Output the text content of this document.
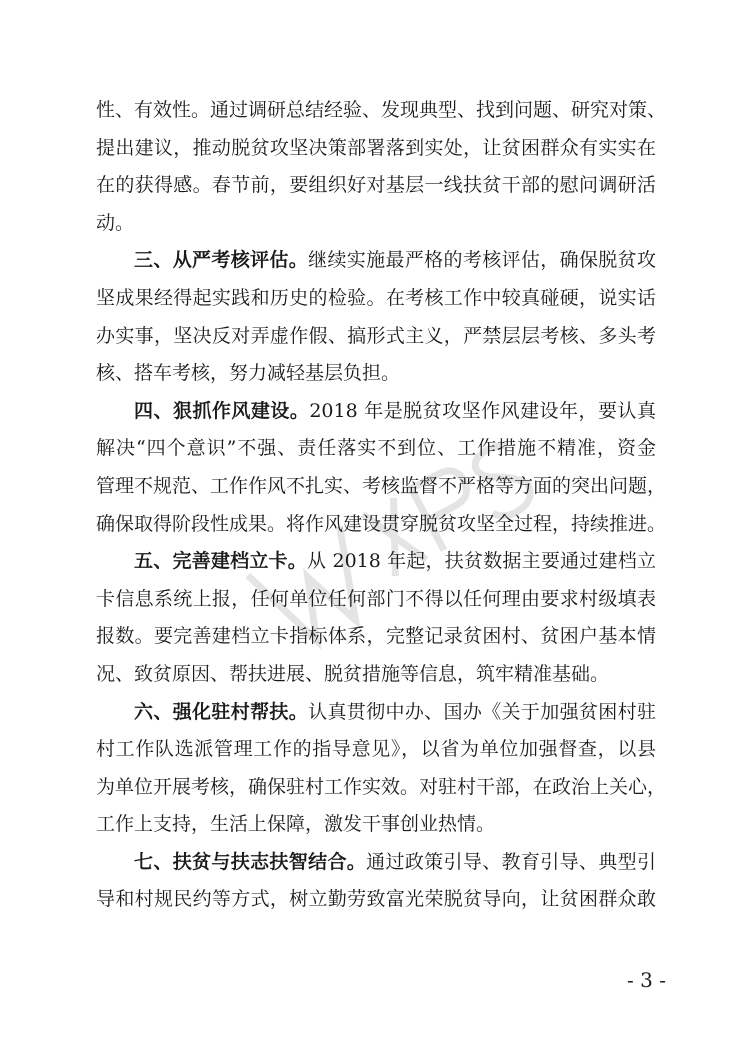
性、有效性。通过调研总结经验、发现典型、找到问题、研究对策、
提出建议，推动脱贫攻坚决策部署落到实处，让贫困群众有实实在
在的获得感。春节前，要组织好对基层一线扶贫干部的慰问调研活
动。
三、从严考核评估。继续实施最严格的考核评估，确保脱贫攻
坚成果经得起实践和历史的检验。在考核工作中较真碰硬，说实话
办实事，坚决反对弄虚作假、搞形式主义，严禁层层考核、多头考
核、搭车考核，努力减轻基层负担。
四、狠抓作风建设。2018 年是脱贫攻坚作风建设年，要认真
解决“四个意识”不强、责任落实不到位、工作措施不精准，资金
管理不规范、工作作风不扎实、考核监督不严格等方面的突出问题，
确保取得阶段性成果。将作风建设贯穿脱贫攻坚全过程，持续推进。
五、完善建档立卡。从 2018 年起，扶贫数据主要通过建档立
卡信息系统上报，任何单位任何部门不得以任何理由要求村级填表
报数。要完善建档立卡指标体系，完整记录贫困村、贫困户基本情
况、致贫原因、帮扶进展、脱贫措施等信息，筑牢精准基础。
六、强化驻村帮扶。认真贯彻中办、国办《关于加强贫困村驻
村工作队选派管理工作的指导意见》，以省为单位加强督查，以县
为单位开展考核，确保驻村工作实效。对驻村干部，在政治上关心，
工作上支持，生活上保障，激发干事创业热情。
七、扶贫与扶志扶智结合。通过政策引导、教育引导、典型引
导和村规民约等方式，树立勤劳致富光荣脱贫导向，让贫困群众敢
- 3 -
